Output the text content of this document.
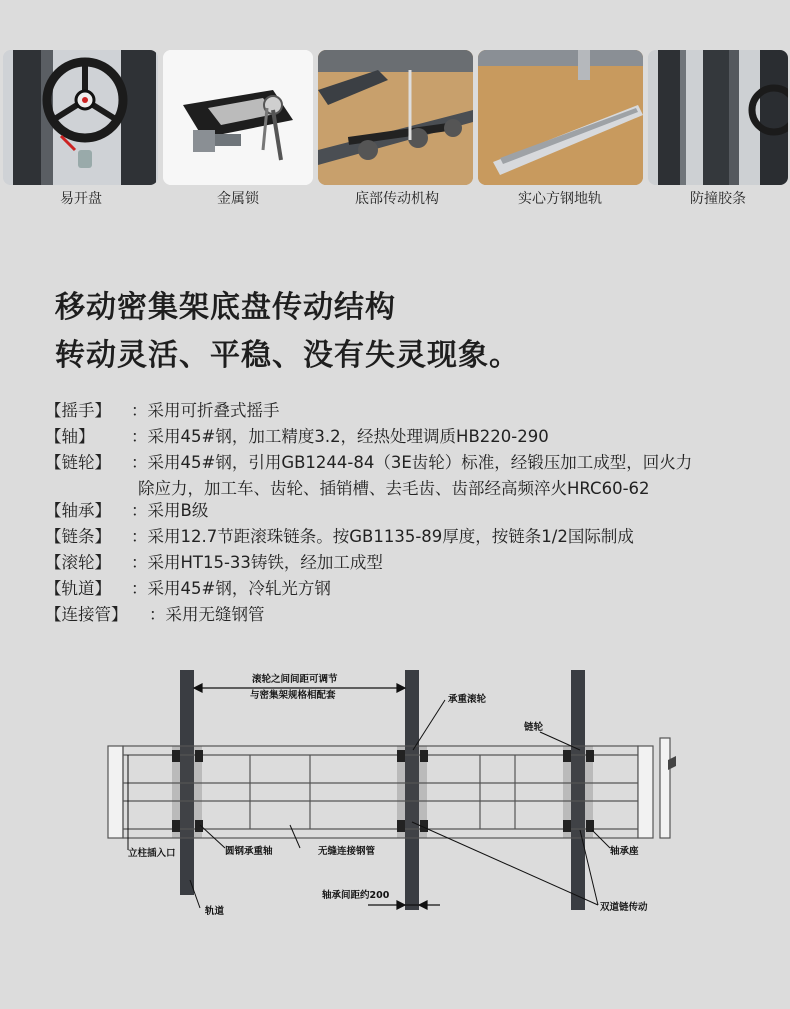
易开盘	金属锁	底部传动机构	实心方钢地轨	防撞胶条
移动密集架底盘传动结构
转动灵活、平稳、没有失灵现象。
【摇手】 ：采用可折叠式摇手
【轴】 ：采用45#钢，加工精度3.2，经热处理调质HB220-290
【链轮】 ：采用45#钢，引用GB1244-84（3E齿轮）标准，经锻压加工成型，回火力
除应力，加工车、齿轮、插销槽、去毛齿、齿部经高频淬火HRC60-62
【轴承】 ：采用B级
【链条】 ：采用12.7节距滚珠链条。按GB1135-89厚度，按链条1/2国际制成
【滚轮】 ：采用HT15-33铸铁，经加工成型
【轨道】 ：采用45#钢，冷轧光方钢
【连接管】 ：采用无缝钢管
滚轮之间间距可调节
与密集架规格相配套	承重滚轮
链轮
立柱插入口	圆钢承重轴	无缝连接钢管	轴承座
轴承间距约200
轨道	双道链传动
